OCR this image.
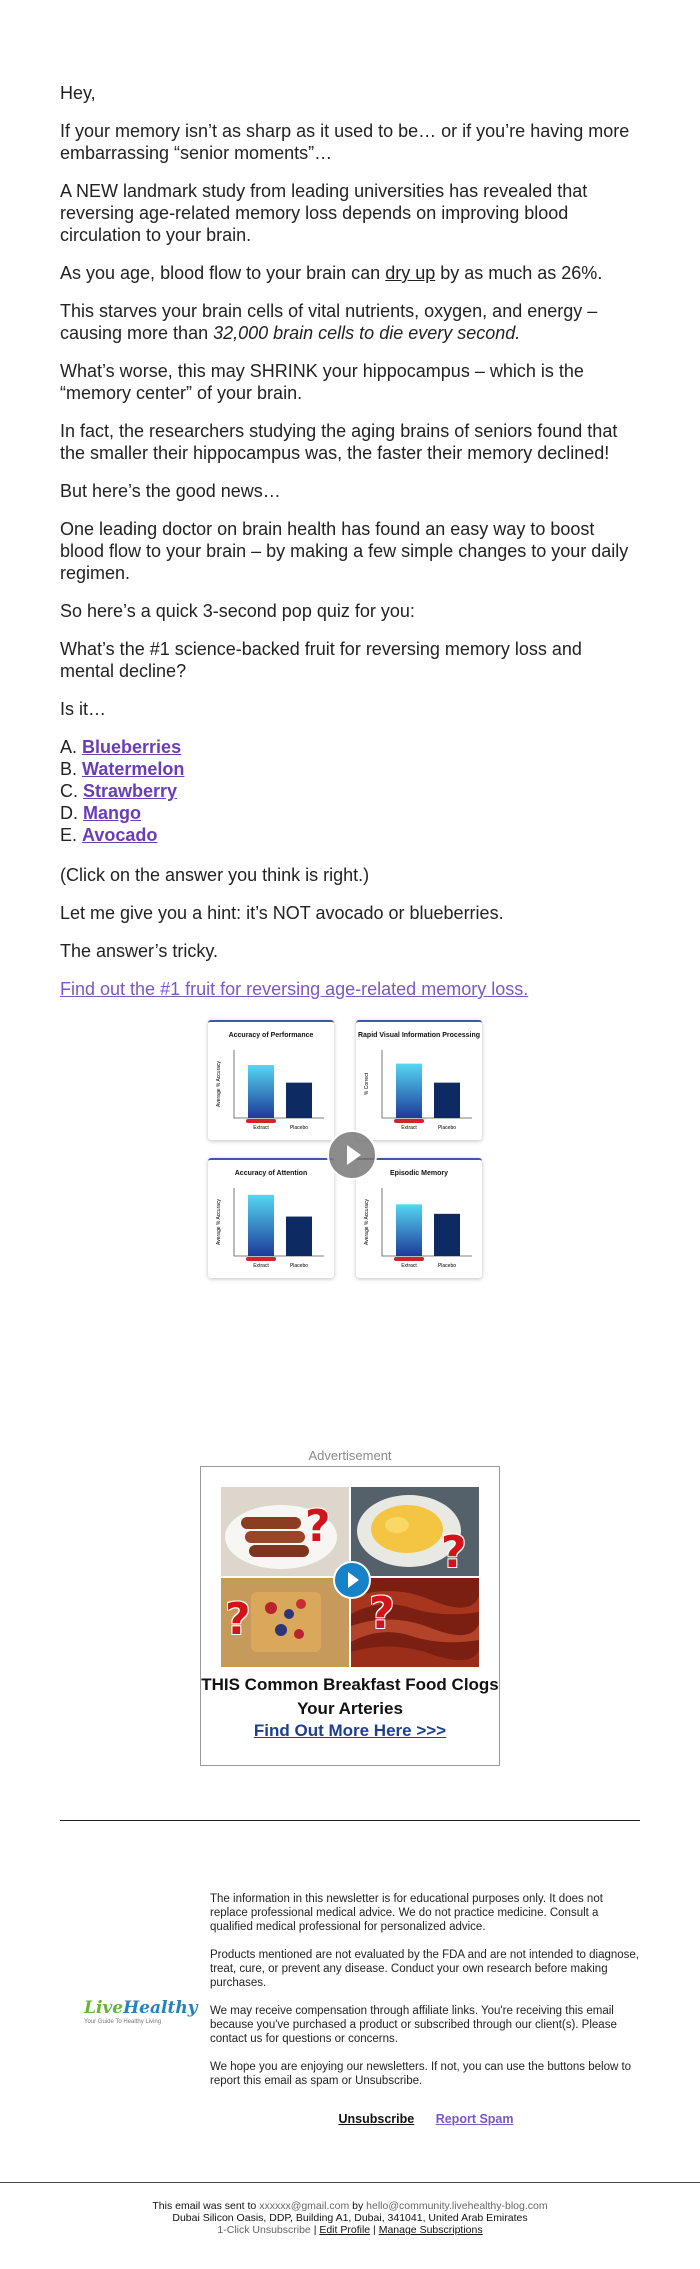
Hey,

If your memory isn’t as sharp as it used to be… or if you’re having more embarrassing “senior moments”…

A NEW landmark study from leading universities has revealed that reversing age-related memory loss depends on improving blood circulation to your brain.

As you age, blood flow to your brain can dry up by as much as 26%.

This starves your brain cells of vital nutrients, oxygen, and energy – causing more than 32,000 brain cells to die every second.

What’s worse, this may SHRINK your hippocampus – which is the “memory center” of your brain.

In fact, the researchers studying the aging brains of seniors found that the smaller their hippocampus was, the faster their memory declined!

But here’s the good news…

One leading doctor on brain health has found an easy way to boost blood flow to your brain – by making a few simple changes to your daily regimen.

So here’s a quick 3-second pop quiz for you:

What’s the #1 science-backed fruit for reversing memory loss and mental decline?

Is it…

A. Blueberries
B. Watermelon
C. Strawberry
D. Mango
E. Avocado

(Click on the answer you think is right.)

Let me give you a hint: it’s NOT avocado or blueberries.

The answer’s tricky.

Find out the #1 fruit for reversing age-related memory loss.
Average % Accuracy
Extract	Placebo
Accuracy of Performance
% Correct
Extract	Placebo
Rapid Visual Information Processing
Average % Accuracy
Extract	Placebo
Accuracy of Attention
Average % Accuracy
Extract	Placebo
Episodic Memory
Advertisement
?
?
?	?
THIS Common Breakfast Food Clogs Your Arteries
Find Out More Here >>>
LiveHealthy
Your Guide To Healthy Living

The information in this newsletter is for educational purposes only. It does not replace professional medical advice. We do not practice medicine. Consult a qualified medical professional for personalized advice.

Products mentioned are not evaluated by the FDA and are not intended to diagnose, treat, cure, or prevent any disease. Conduct your own research before making purchases.

We may receive compensation through affiliate links. You're receiving this email because you've purchased a product or subscribed through our client(s). Please contact us for questions or concerns.

We hope you are enjoying our newsletters. If not, you can use the buttons below to report this email as spam or Unsubscribe.

Unsubscribe Report Spam
This email was sent to xxxxxx@gmail.com by hello@community.livehealthy-blog.com
Dubai Silicon Oasis, DDP, Building A1, Dubai, 341041, United Arab Emirates
1-Click Unsubscribe | Edit Profile | Manage Subscriptions
